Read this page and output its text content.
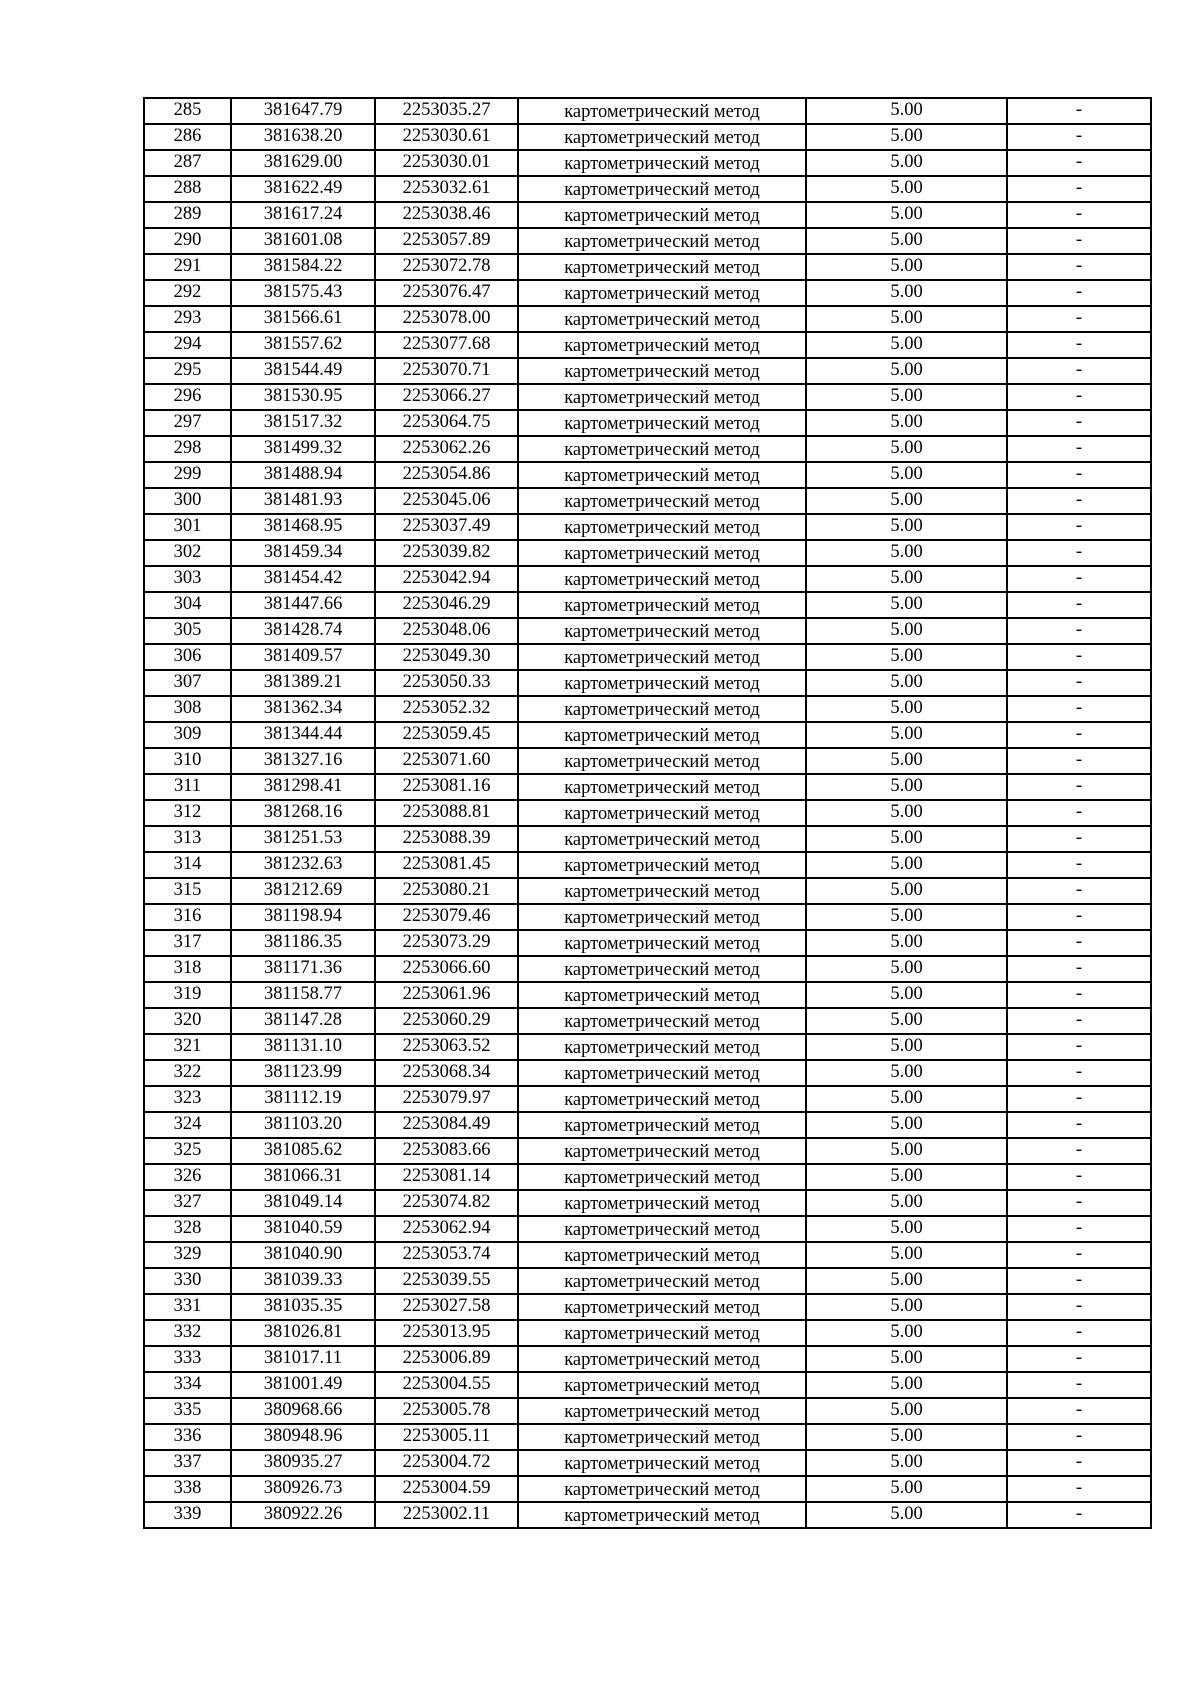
285	381647.79	2253035.27	картометрический метод	5.00	-
286	381638.20	2253030.61	картометрический метод	5.00	-
287	381629.00	2253030.01	картометрический метод	5.00	-
288	381622.49	2253032.61	картометрический метод	5.00	-
289	381617.24	2253038.46	картометрический метод	5.00	-
290	381601.08	2253057.89	картометрический метод	5.00	-
291	381584.22	2253072.78	картометрический метод	5.00	-
292	381575.43	2253076.47	картометрический метод	5.00	-
293	381566.61	2253078.00	картометрический метод	5.00	-
294	381557.62	2253077.68	картометрический метод	5.00	-
295	381544.49	2253070.71	картометрический метод	5.00	-
296	381530.95	2253066.27	картометрический метод	5.00	-
297	381517.32	2253064.75	картометрический метод	5.00	-
298	381499.32	2253062.26	картометрический метод	5.00	-
299	381488.94	2253054.86	картометрический метод	5.00	-
300	381481.93	2253045.06	картометрический метод	5.00	-
301	381468.95	2253037.49	картометрический метод	5.00	-
302	381459.34	2253039.82	картометрический метод	5.00	-
303	381454.42	2253042.94	картометрический метод	5.00	-
304	381447.66	2253046.29	картометрический метод	5.00	-
305	381428.74	2253048.06	картометрический метод	5.00	-
306	381409.57	2253049.30	картометрический метод	5.00	-
307	381389.21	2253050.33	картометрический метод	5.00	-
308	381362.34	2253052.32	картометрический метод	5.00	-
309	381344.44	2253059.45	картометрический метод	5.00	-
310	381327.16	2253071.60	картометрический метод	5.00	-
311	381298.41	2253081.16	картометрический метод	5.00	-
312	381268.16	2253088.81	картометрический метод	5.00	-
313	381251.53	2253088.39	картометрический метод	5.00	-
314	381232.63	2253081.45	картометрический метод	5.00	-
315	381212.69	2253080.21	картометрический метод	5.00	-
316	381198.94	2253079.46	картометрический метод	5.00	-
317	381186.35	2253073.29	картометрический метод	5.00	-
318	381171.36	2253066.60	картометрический метод	5.00	-
319	381158.77	2253061.96	картометрический метод	5.00	-
320	381147.28	2253060.29	картометрический метод	5.00	-
321	381131.10	2253063.52	картометрический метод	5.00	-
322	381123.99	2253068.34	картометрический метод	5.00	-
323	381112.19	2253079.97	картометрический метод	5.00	-
324	381103.20	2253084.49	картометрический метод	5.00	-
325	381085.62	2253083.66	картометрический метод	5.00	-
326	381066.31	2253081.14	картометрический метод	5.00	-
327	381049.14	2253074.82	картометрический метод	5.00	-
328	381040.59	2253062.94	картометрический метод	5.00	-
329	381040.90	2253053.74	картометрический метод	5.00	-
330	381039.33	2253039.55	картометрический метод	5.00	-
331	381035.35	2253027.58	картометрический метод	5.00	-
332	381026.81	2253013.95	картометрический метод	5.00	-
333	381017.11	2253006.89	картометрический метод	5.00	-
334	381001.49	2253004.55	картометрический метод	5.00	-
335	380968.66	2253005.78	картометрический метод	5.00	-
336	380948.96	2253005.11	картометрический метод	5.00	-
337	380935.27	2253004.72	картометрический метод	5.00	-
338	380926.73	2253004.59	картометрический метод	5.00	-
339	380922.26	2253002.11	картометрический метод	5.00	-
